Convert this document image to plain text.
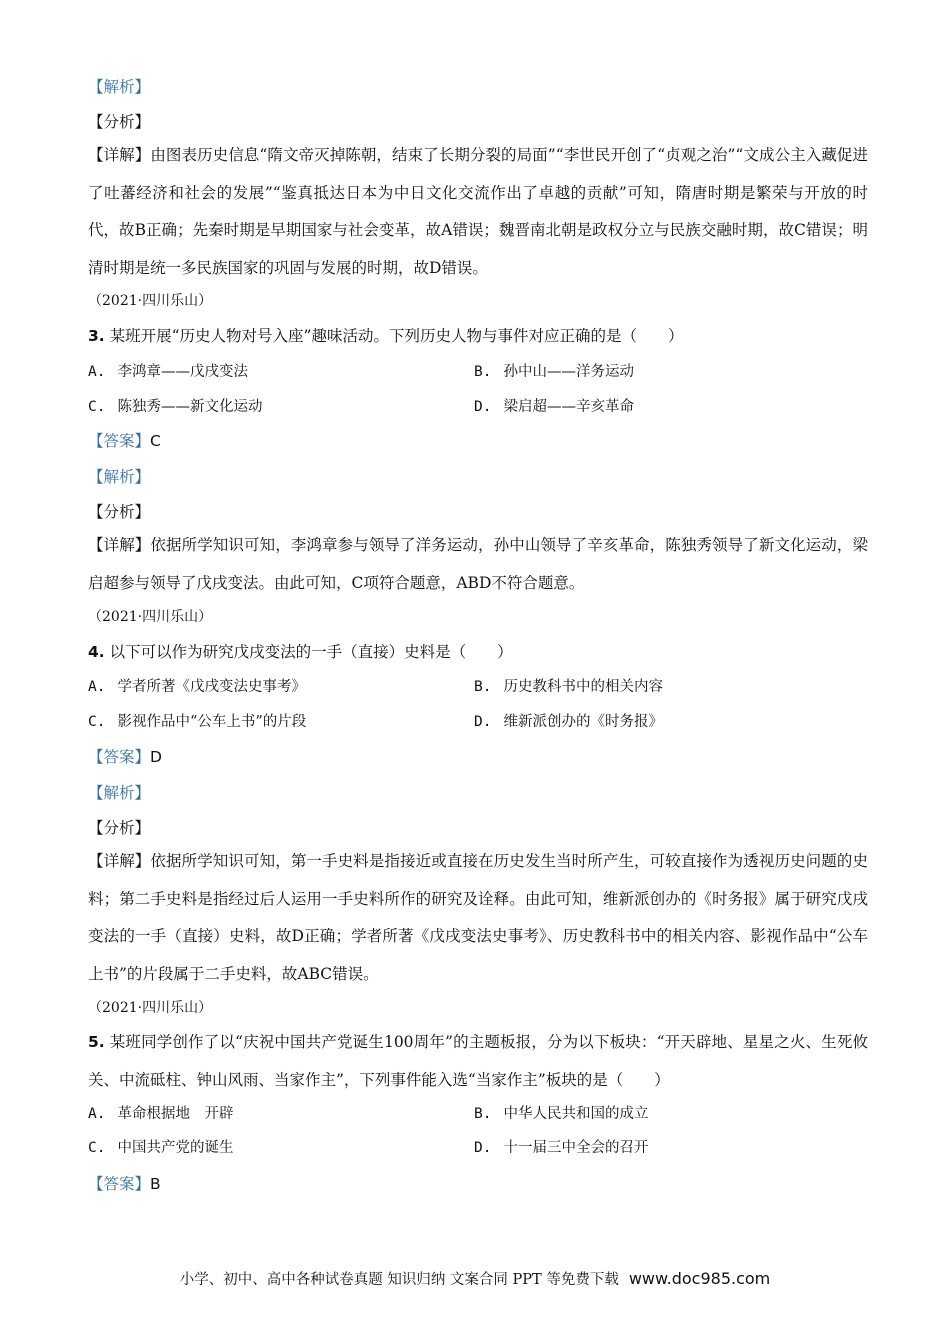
【解析】
【分析】
【详解】由图表历史信息“隋文帝灭掉陈朝，结束了长期分裂的局面”“李世民开创了“贞观之治”“文成公主入藏促进了吐蕃经济和社会的发展”“鉴真抵达日本为中日文化交流作出了卓越的贡献”可知，隋唐时期是繁荣与开放的时代，故B正确；先秦时期是早期国家与社会变革，故A错误；魏晋南北朝是政权分立与民族交融时期，故C错误；明清时期是统一多民族国家的巩固与发展的时期，故D错误。
（2021·四川乐山）
3. 某班开展“历史人物对号入座”趣味活动。下列历史人物与事件对应正确的是（　　）
A. 李鸿章——戊戌变法	B. 孙中山——洋务运动
C. 陈独秀——新文化运动	D. 梁启超——辛亥革命
【答案】C
【解析】
【分析】
【详解】依据所学知识可知，李鸿章参与领导了洋务运动，孙中山领导了辛亥革命，陈独秀领导了新文化运动，梁启超参与领导了戊戌变法。由此可知，C项符合题意，ABD不符合题意。
（2021·四川乐山）
4. 以下可以作为研究戊戌变法的一手（直接）史料是（　　）
A. 学者所著《戊戌变法史事考》	B. 历史教科书中的相关内容
C. 影视作品中“公车上书”的片段	D. 维新派创办的《时务报》
【答案】D
【解析】
【分析】
【详解】依据所学知识可知，第一手史料是指接近或直接在历史发生当时所产生，可较直接作为透视历史问题的史料；第二手史料是指经过后人运用一手史料所作的研究及诠释。由此可知，维新派创办的《时务报》属于研究戊戌变法的一手（直接）史料，故D正确；学者所著《戊戌变法史事考》、历史教科书中的相关内容、影视作品中“公车上书”的片段属于二手史料，故ABC错误。
（2021·四川乐山）
5. 某班同学创作了以“庆祝中国共产党诞生100周年”的主题板报，分为以下板块：“开天辟地、星星之火、生死攸关、中流砥柱、钟山风雨、当家作主”，下列事件能入选“当家作主”板块的是（　　）
A. 革命根据地　开辟	B. 中华人民共和国的成立
C. 中国共产党的诞生	D. 十一届三中全会的召开
【答案】B
小学、初中、高中各种试卷真题 知识归纳 文案合同 PPT 等免费下载 www.doc985.com
